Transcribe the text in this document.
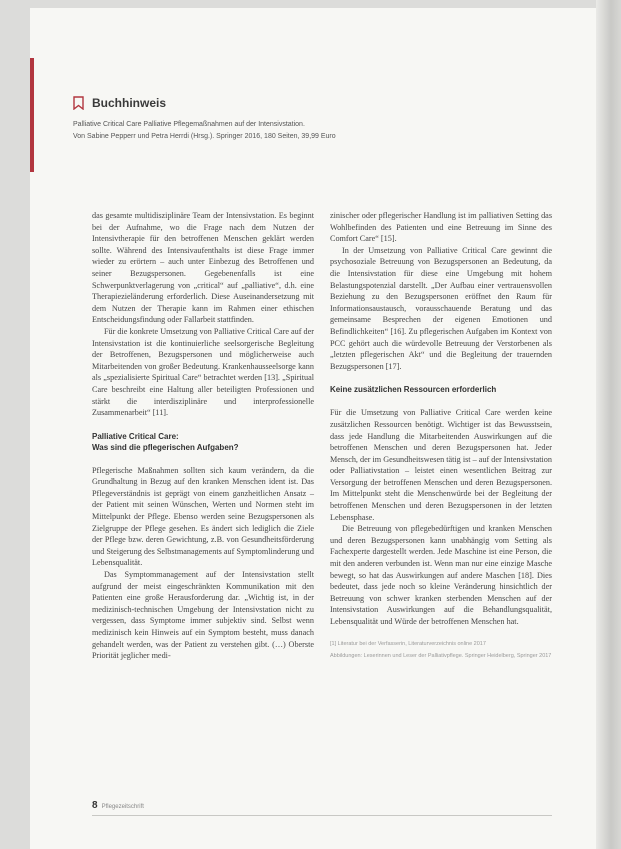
Buchhinweis
Palliative Critical Care Palliative Pflegemaßnahmen auf der Intensivstation.
Von Sabine Pepperr und Petra Herrdi (Hrsg.). Springer 2016, 180 Seiten, 39,99 Euro

das gesamte multidisziplinäre Team der Intensivstation. Es beginnt bei der Aufnahme, wo die Frage nach dem Nutzen der Intensivtherapie für den betroffenen Menschen geklärt werden sollte. Während des Intensivaufenthalts ist diese Frage immer wieder zu erörtern – auch unter Einbezug des Betroffenen und seiner Bezugspersonen. Gegebenenfalls ist eine Schwerpunktverlagerung von „critical“ auf „palliative“, d.h. eine Therapiezieländerung erforderlich. Diese Auseinandersetzung mit dem Nutzen der Therapie kann im Rahmen einer ethischen Entscheidungsfindung oder Fallarbeit stattfinden.

Für die konkrete Umsetzung von Palliative Critical Care auf der Intensivstation ist die kontinuierliche seelsorgerische Begleitung der Betroffenen, Bezugspersonen und möglicherweise auch Mitarbeitenden von großer Bedeutung. Krankenhausseelsorge kann als „spezialisierte Spiritual Care“ betrachtet werden [13]. „Spiritual Care beschreibt eine Haltung aller beteiligten Professionen und stärkt die interdisziplinäre und interprofessionelle Zusammenarbeit“ [11].

Palliative Critical Care:
Was sind die pflegerischen Aufgaben?

Pflegerische Maßnahmen sollten sich kaum verändern, da die Grundhaltung in Bezug auf den kranken Menschen ident ist. Das Pflegeverständnis ist geprägt von einem ganzheitlichen Ansatz – der Patient mit seinen Wünschen, Werten und Normen steht im Mittelpunkt der Pflege. Ebenso werden seine Bezugspersonen als Zielgruppe der Pflege gesehen. Es ändert sich lediglich die Ziele der Pflege bzw. deren Gewichtung, z.B. von Gesundheitsförderung und Steigerung des Selbstmanagements auf Symptomlinderung und Lebensqualität.

Das Symptommanagement auf der Intensivstation stellt aufgrund der meist eingeschränkten Kommunikation mit den Patienten eine große Herausforderung dar. „Wichtig ist, in der medizinisch-technischen Umgebung der Intensivstation nicht zu vergessen, dass Symptome immer subjektiv sind. Selbst wenn medizinisch kein Hinweis auf ein Symptom besteht, muss danach gehandelt werden, was der Patient zu verstehen gibt. (…) Oberste Priorität jeglicher medi-

zinischer oder pflegerischer Handlung ist im palliativen Setting das Wohlbefinden des Patienten und eine Betreuung im Sinne des Comfort Care“ [15].

In der Umsetzung von Palliative Critical Care gewinnt die psychosoziale Betreuung von Bezugspersonen an Bedeutung, da die Intensivstation für diese eine Umgebung mit hohem Belastungspotenzial darstellt. „Der Aufbau einer vertrauensvollen Beziehung zu den Bezugspersonen eröffnet den Raum für Informationsaustausch, vorausschauende Beratung und das gemeinsame Besprechen der eigenen Emotionen und Befindlichkeiten“ [16]. Zu pflegerischen Aufgaben im Kontext von PCC gehört auch die würdevolle Betreuung der Verstorbenen als „letzten pflegerischen Akt“ und die Begleitung der trauernden Bezugspersonen [17].

Keine zusätzlichen Ressourcen erforderlich

Für die Umsetzung von Palliative Critical Care werden keine zusätzlichen Ressourcen benötigt. Wichtiger ist das Bewusstsein, dass jede Handlung die Mitarbeitenden Auswirkungen auf die betroffenen Menschen und deren Bezugspersonen hat. Jeder Mensch, der im Gesundheitswesen tätig ist – auf der Intensivstation oder Palliativstation – leistet einen wesentlichen Beitrag zur Versorgung der betroffenen Menschen und deren Bezugspersonen. Im Mittelpunkt steht die Menschenwürde bei der Begleitung der betroffenen Menschen und deren Bezugspersonen in der letzten Lebensphase.

Die Betreuung von pflegebedürftigen und kranken Menschen und deren Bezugspersonen kann unabhängig vom Setting als Fachexperte dargestellt werden. Jede Maschine ist eine Person, die mit den anderen verbunden ist. Wenn man nur eine einzige Masche bewegt, so hat das Auswirkungen auf andere Maschen [18]. Dies bedeutet, dass jede noch so kleine Veränderung hinsichtlich der Betreuung von schwer kranken sterbenden Menschen auf der Intensivstation Auswirkungen auf die Behandlungsqualität, Lebensqualität und Würde der betroffenen Menschen hat.

[1] Literatur bei der Verfasserin, Literaturverzeichnis online 2017
Abbildungen: Leserinnen und Leser der Palliativpflege. Springer Heidelberg, Springer 2017
8 Pflegezeitschrift
